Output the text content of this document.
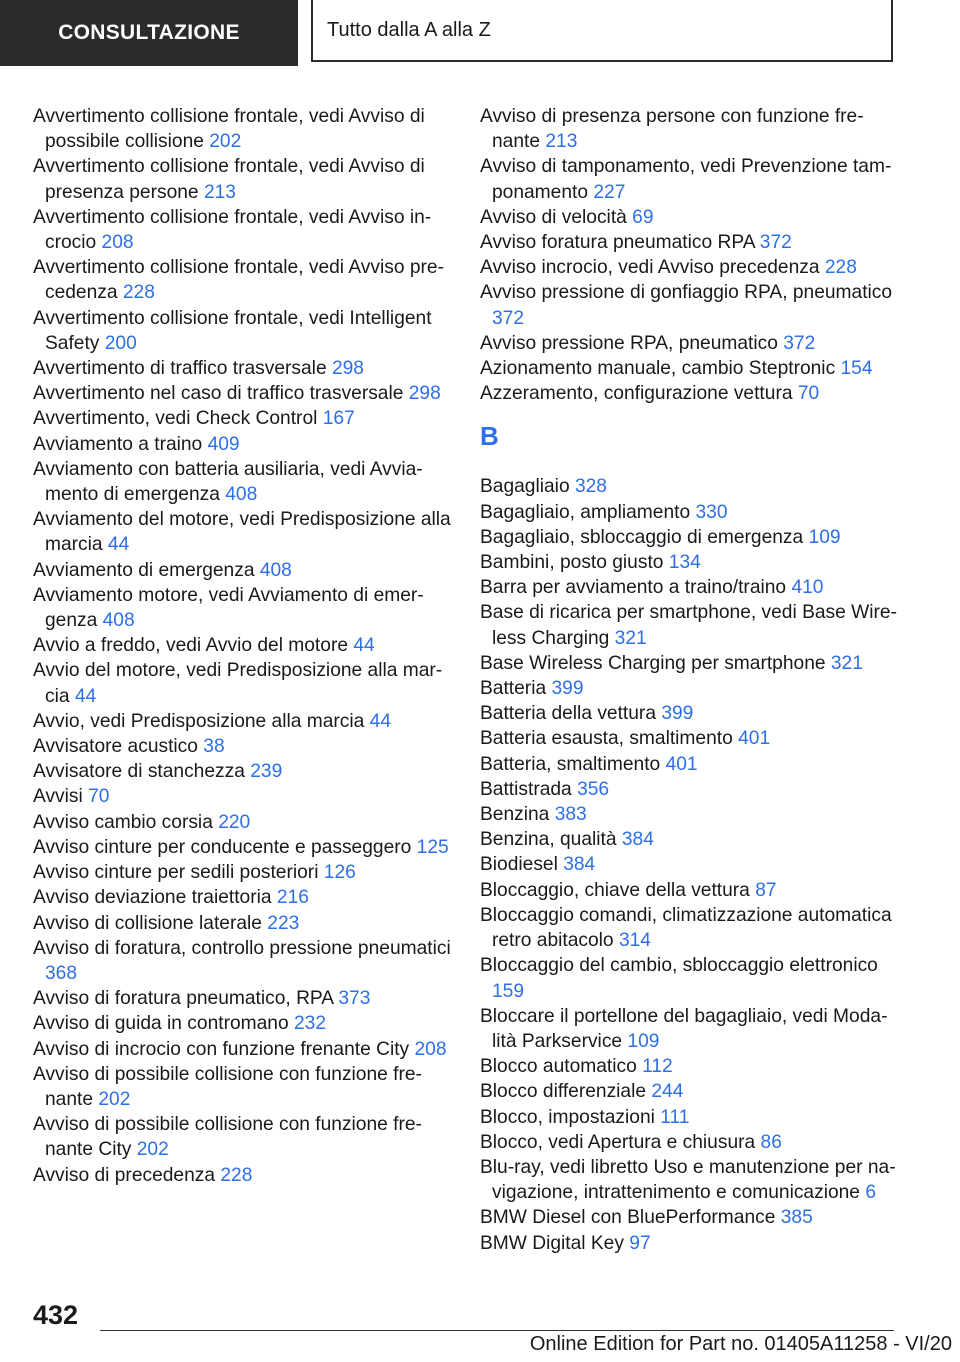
CONSULTAZIONE	Tutto dalla A alla Z
Avvertimento collisione frontale, vedi Avviso di possibile collisione 202
Avvertimento collisione frontale, vedi Avviso di presenza persone 213
Avvertimento collisione frontale, vedi Avviso incrocio 208
Avvertimento collisione frontale, vedi Avviso precedenza 228
Avvertimento collisione frontale, vedi Intelligent Safety 200
Avvertimento di traffico trasversale 298
Avvertimento nel caso di traffico trasversale 298
Avvertimento, vedi Check Control 167
Avviamento a traino 409
Avviamento con batteria ausiliaria, vedi Avviamento di emergenza 408
Avviamento del motore, vedi Predisposizione alla marcia 44
Avviamento di emergenza 408
Avviamento motore, vedi Avviamento di emergenza 408
Avvio a freddo, vedi Avvio del motore 44
Avvio del motore, vedi Predisposizione alla marcia 44
Avvio, vedi Predisposizione alla marcia 44
Avvisatore acustico 38
Avvisatore di stanchezza 239
Avvisi 70
Avviso cambio corsia 220
Avviso cinture per conducente e passeggero 125
Avviso cinture per sedili posteriori 126
Avviso deviazione traiettoria 216
Avviso di collisione laterale 223
Avviso di foratura, controllo pressione pneumatici 368
Avviso di foratura pneumatico, RPA 373
Avviso di guida in contromano 232
Avviso di incrocio con funzione frenante City 208
Avviso di possibile collisione con funzione frenante 202
Avviso di possibile collisione con funzione frenante City 202
Avviso di precedenza 228
Avviso di presenza persone con funzione frenante 213
Avviso di tamponamento, vedi Prevenzione tamponamento 227
Avviso di velocità 69
Avviso foratura pneumatico RPA 372
Avviso incrocio, vedi Avviso precedenza 228
Avviso pressione di gonfiaggio RPA, pneumatico 372
Avviso pressione RPA, pneumatico 372
Azionamento manuale, cambio Steptronic 154
Azzeramento, configurazione vettura 70
B
Bagagliaio 328
Bagagliaio, ampliamento 330
Bagagliaio, sbloccaggio di emergenza 109
Bambini, posto giusto 134
Barra per avviamento a traino/traino 410
Base di ricarica per smartphone, vedi Base Wireless Charging 321
Base Wireless Charging per smartphone 321
Batteria 399
Batteria della vettura 399
Batteria esausta, smaltimento 401
Batteria, smaltimento 401
Battistrada 356
Benzina 383
Benzina, qualità 384
Biodiesel 384
Bloccaggio, chiave della vettura 87
Bloccaggio comandi, climatizzazione automatica retro abitacolo 314
Bloccaggio del cambio, sbloccaggio elettronico 159
Bloccare il portellone del bagagliaio, vedi Modalità Parkservice 109
Blocco automatico 112
Blocco differenziale 244
Blocco, impostazioni 111
Blocco, vedi Apertura e chiusura 86
Blu-ray, vedi libretto Uso e manutenzione per navigazione, intrattenimento e comunicazione 6
BMW Diesel con BluePerformance 385
BMW Digital Key 97
432
Online Edition for Part no. 01405A11258 - VI/20
